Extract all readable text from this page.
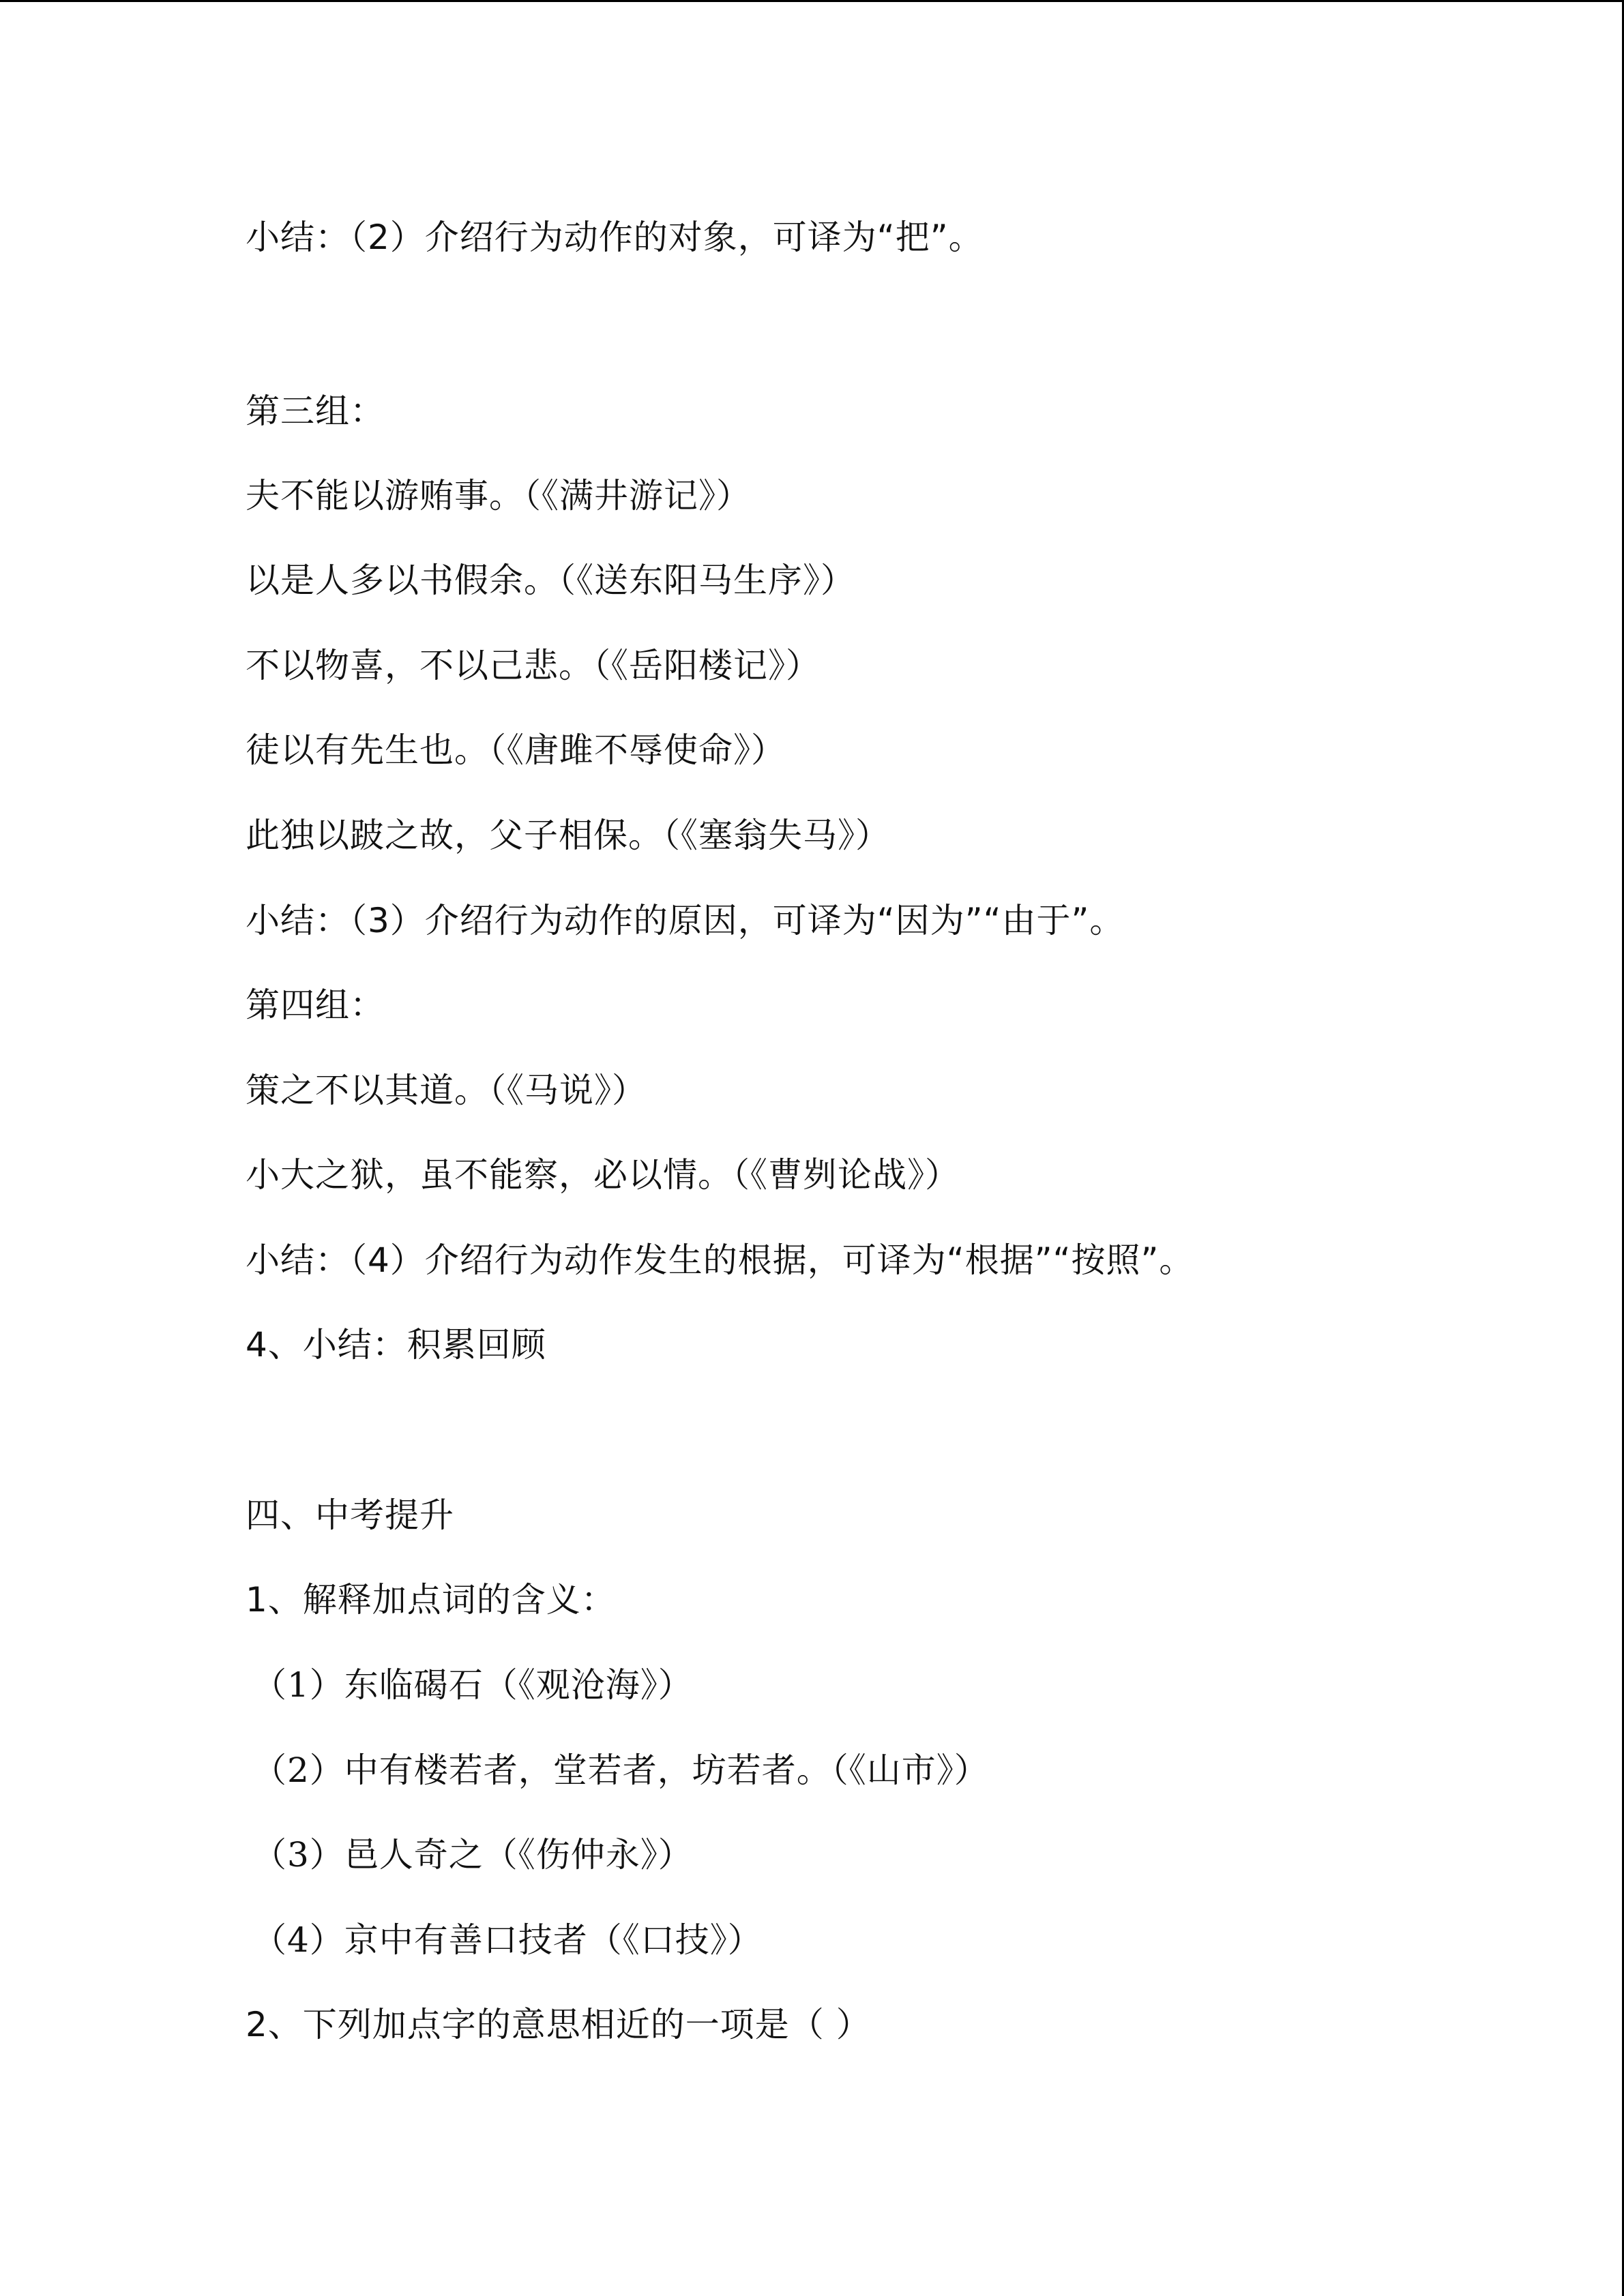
小结：（2）介绍行为动作的对象，可译为“把”。
第三组：
夫不能以游贿事。（《满井游记》）
以是人多以书假余。（《送东阳马生序》）
不以物喜，不以己悲。（《岳阳楼记》）
徒以有先生也。（《唐雎不辱使命》）
此独以跛之故，父子相保。（《塞翁失马》）
小结：（3）介绍行为动作的原因，可译为“因为”“由于”。
第四组：
策之不以其道。（《马说》）
小大之狱，虽不能察，必以情。（《曹刿论战》）
小结：（4）介绍行为动作发生的根据，可译为“根据”“按照”。
4、小结：积累回顾
四、中考提升
1、解释加点词的含义：
（1）东临碣石（《观沧海》）
（2）中有楼若者，堂若者，坊若者。（《山市》）
（3）邑人奇之（《伤仲永》）
（4）京中有善口技者（《口技》）
2、下列加点字的意思相近的一项是（ ）
